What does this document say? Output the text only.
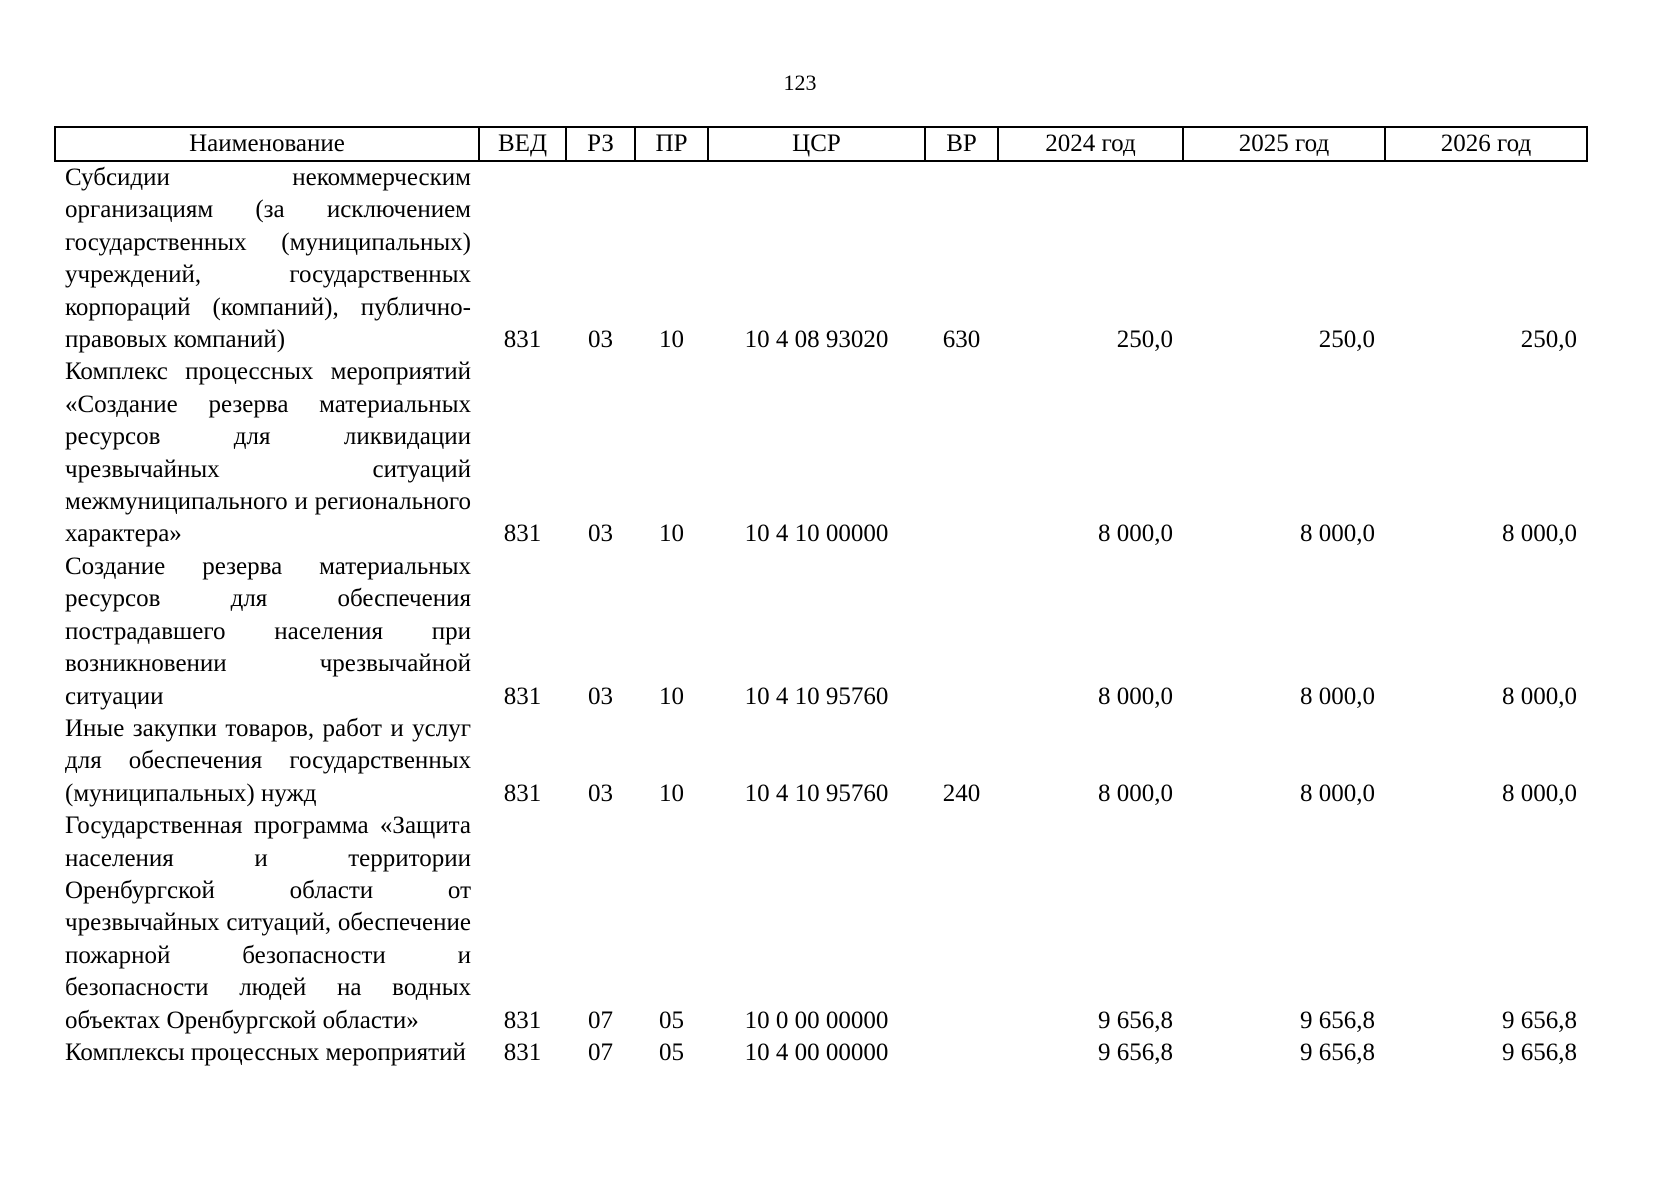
123
Наименование	ВЕД	РЗ	ПР	ЦСР	ВР	2024 год	2025 год	2026 год
Субсидии некоммерческим организациям (за исключением государственных (муниципальных) учреждений, государственных корпораций (компаний), публично-правовых компаний)	831	03	10	10 4 08 93020	630	250,0	250,0	250,0
Комплекс процессных мероприятий «Создание резерва материальных ресурсов для ликвидации чрезвычайных ситуаций межмуниципального и регионального характера»	831	03	10	10 4 10 00000		8 000,0	8 000,0	8 000,0
Создание резерва материальных ресурсов для обеспечения пострадавшего населения при возникновении чрезвычайной ситуации	831	03	10	10 4 10 95760		8 000,0	8 000,0	8 000,0
Иные закупки товаров, работ и услуг для обеспечения государственных (муниципальных) нужд	831	03	10	10 4 10 95760	240	8 000,0	8 000,0	8 000,0
Государственная программа «Защита населения и территории Оренбургской области от чрезвычайных ситуаций, обеспечение пожарной безопасности и безопасности людей на водных объектах Оренбургской области»	831	07	05	10 0 00 00000		9 656,8	9 656,8	9 656,8
Комплексы процессных мероприятий	831	07	05	10 4 00 00000		9 656,8	9 656,8	9 656,8
